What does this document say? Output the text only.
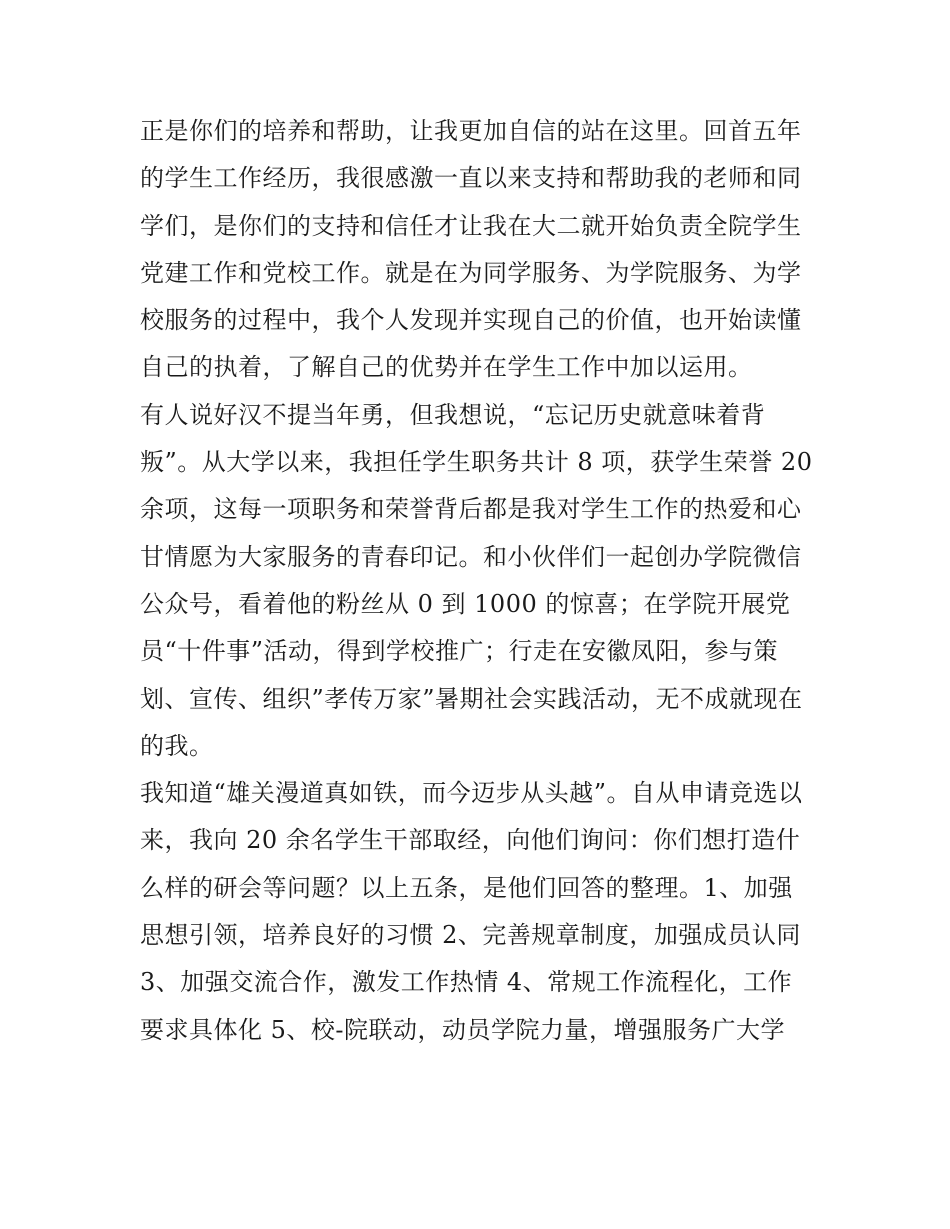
正是你们的培养和帮助，让我更加自信的站在这里。回首五年
的学生工作经历，我很感激一直以来支持和帮助我的老师和同
学们，是你们的支持和信任才让我在大二就开始负责全院学生
党建工作和党校工作。就是在为同学服务、为学院服务、为学
校服务的过程中，我个人发现并实现自己的价值，也开始读懂
自己的执着，了解自己的优势并在学生工作中加以运用。
有人说好汉不提当年勇，但我想说，“忘记历史就意味着背
叛”。从大学以来，我担任学生职务共计 8 项，获学生荣誉 20
余项，这每一项职务和荣誉背后都是我对学生工作的热爱和心
甘情愿为大家服务的青春印记。和小伙伴们一起创办学院微信
公众号，看着他的粉丝从 0 到 1000 的惊喜；在学院开展党
员“十件事”活动，得到学校推广；行走在安徽凤阳，参与策
划、宣传、组织”孝传万家”暑期社会实践活动，无不成就现在
的我。
我知道“雄关漫道真如铁，而今迈步从头越”。自从申请竞选以
来，我向 20 余名学生干部取经，向他们询问：你们想打造什
么样的研会等问题？以上五条，是他们回答的整理。1、加强
思想引领，培养良好的习惯 2、完善规章制度，加强成员认同
3、加强交流合作，激发工作热情 4、常规工作流程化，工作
要求具体化 5、校-院联动，动员学院力量，增强服务广大学
